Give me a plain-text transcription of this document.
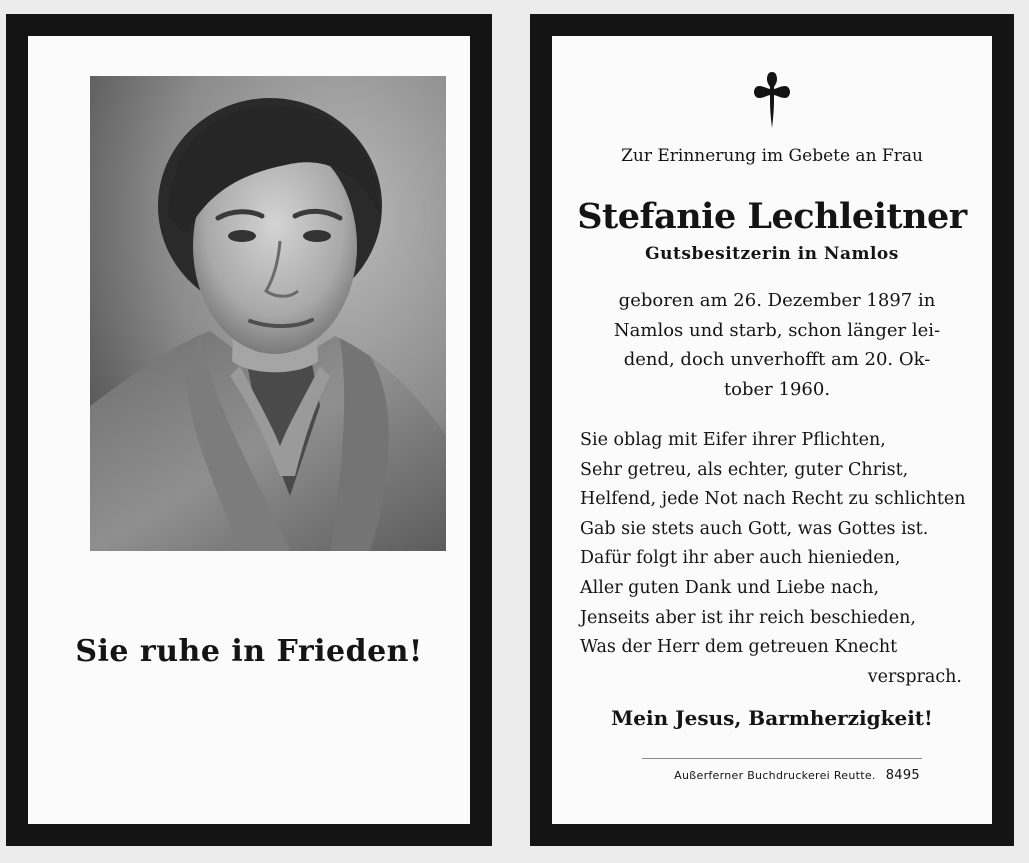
Sie ruhe in Frieden!
Zur Erinnerung im Gebete an Frau
Stefanie Lechleitner
Gutsbesitzerin in Namlos
geboren am 26. Dezember 1897 in
Namlos und starb, schon länger lei-
dend, doch unverhofft am 20. Ok-
tober 1960.
Sie oblag mit Eifer ihrer Pflichten,
Sehr getreu, als echter, guter Christ,
Helfend, jede Not nach Recht zu schlichten
Gab sie stets auch Gott, was Gottes ist.
Dafür folgt ihr aber auch hienieden,
Aller guten Dank und Liebe nach,
Jenseits aber ist ihr reich beschieden,
Was der Herr dem getreuen Knecht
versprach.
Mein Jesus, Barmherzigkeit!
Außerferner Buchdruckerei Reutte. 8495
